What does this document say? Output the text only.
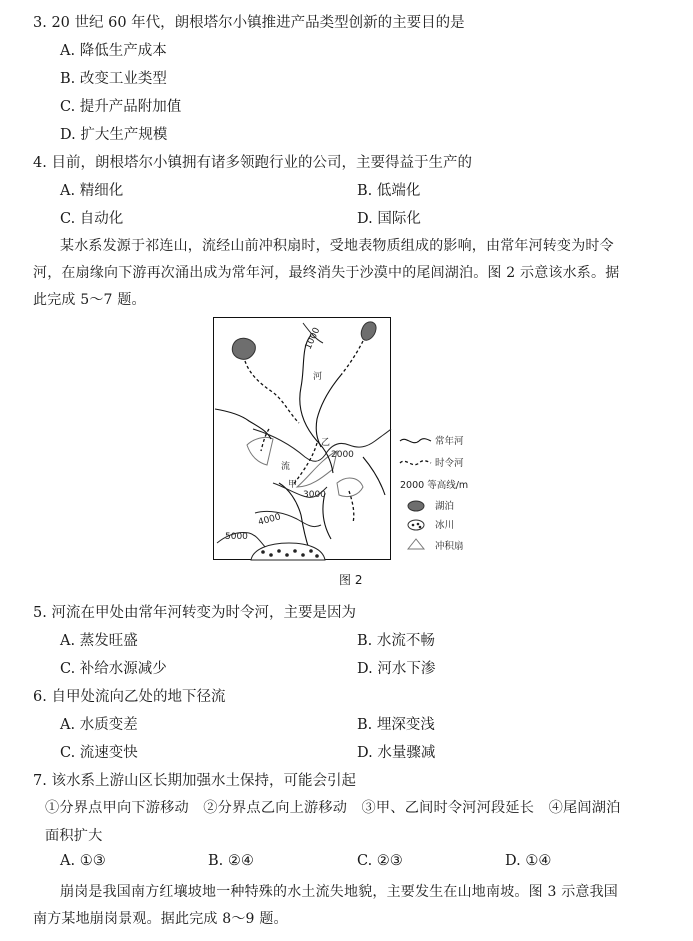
3. 20 世纪 60 年代，朗根塔尔小镇推进产品类型创新的主要目的是
A. 降低生产成本
B. 改变工业类型
C. 提升产品附加值
D. 扩大生产规模
4. 目前，朗根塔尔小镇拥有诸多领跑行业的公司，主要得益于生产的
A. 精细化	B. 低端化
C. 自动化	D. 国际化
某水系发源于祁连山，流经山前冲积扇时，受地表物质组成的影响，由常年河转变为时令
河，在扇缘向下游再次涌出成为常年河，最终消失于沙漠中的尾闾湖泊。图 2 示意该水系。据
此完成 5～7 题。
1000
河
乙
2000
流
甲
3000
4000
5000
常年河
时令河
2000 等高线/m
湖泊
冰川
冲积扇
图 2
5. 河流在甲处由常年河转变为时令河，主要是因为
A. 蒸发旺盛	B. 水流不畅
C. 补给水源减少	D. 河水下渗
6. 自甲处流向乙处的地下径流
A. 水质变差	B. 埋深变浅
C. 流速变快	D. 水量骤减
7. 该水系上游山区长期加强水土保持，可能会引起
①分界点甲向下游移动　②分界点乙向上游移动　③甲、乙间时令河河段延长　④尾闾湖泊
面积扩大
A. ①③	B. ②④	C. ②③	D. ①④
崩岗是我国南方红壤坡地一种特殊的水土流失地貌，主要发生在山地南坡。图 3 示意我国
南方某地崩岗景观。据此完成 8～9 题。
